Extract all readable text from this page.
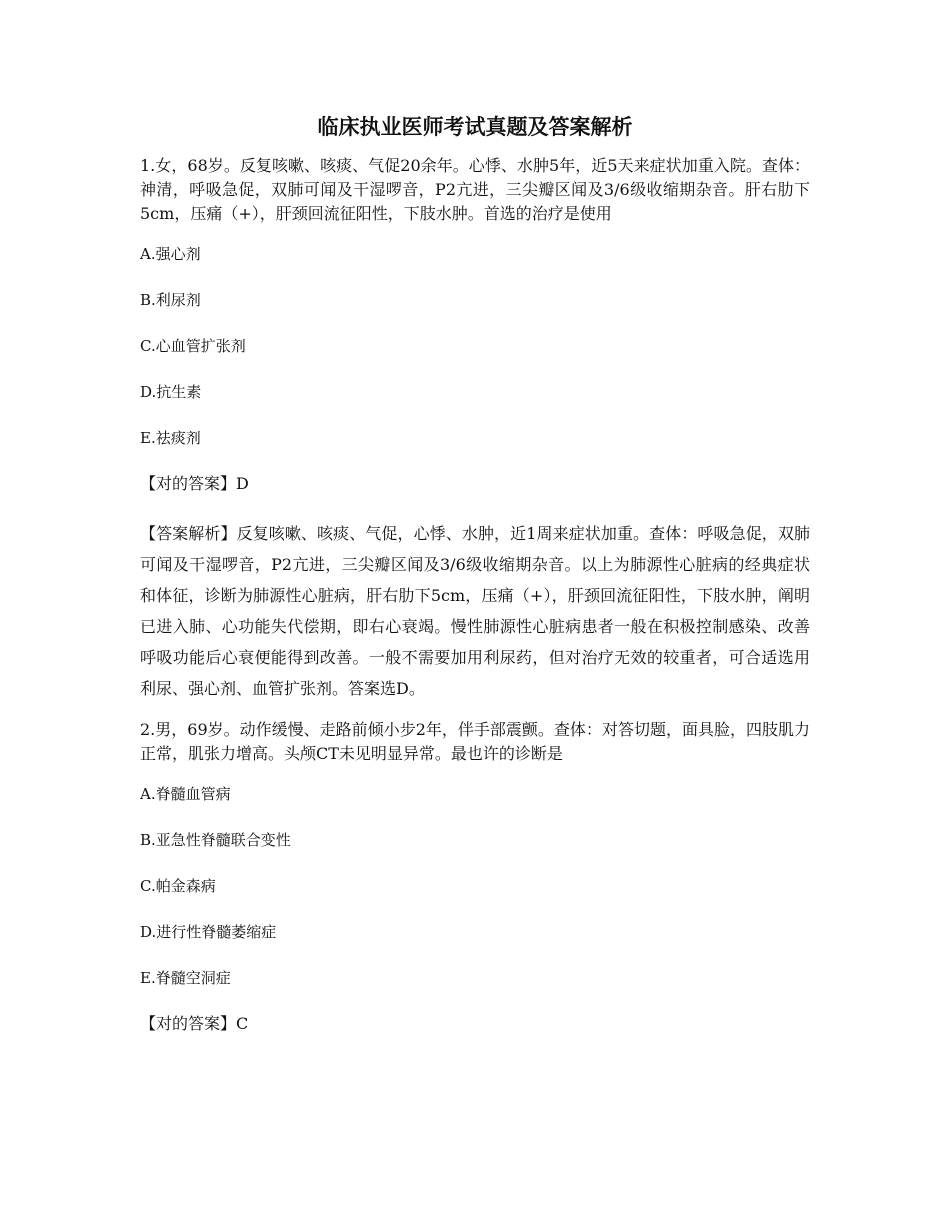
临床执业医师考试真题及答案解析

1.女，68岁。反复咳嗽、咳痰、气促20余年。心悸、水肿5年，近5天来症状加重入院。查体：神清，呼吸急促，双肺可闻及干湿啰音，P2亢进，三尖瓣区闻及3/6级收缩期杂音。肝右肋下5cm，压痛（+），肝颈回流征阳性，下肢水肿。首选的治疗是使用

A.强心剂

B.利尿剂

C.心血管扩张剂

D.抗生素

E.祛痰剂

【对的答案】D

【答案解析】反复咳嗽、咳痰、气促，心悸、水肿，近1周来症状加重。查体：呼吸急促，双肺可闻及干湿啰音，P2亢进，三尖瓣区闻及3/6级收缩期杂音。以上为肺源性心脏病的经典症状和体征，诊断为肺源性心脏病，肝右肋下5cm，压痛（+），肝颈回流征阳性，下肢水肿，阐明已进入肺、心功能失代偿期，即右心衰竭。慢性肺源性心脏病患者一般在积极控制感染、改善呼吸功能后心衰便能得到改善。一般不需要加用利尿药，但对治疗无效的较重者，可合适选用利尿、强心剂、血管扩张剂。答案选D。

2.男，69岁。动作缓慢、走路前倾小步2年，伴手部震颤。查体：对答切题，面具脸，四肢肌力正常，肌张力增高。头颅CT未见明显异常。最也许的诊断是

A.脊髓血管病

B.亚急性脊髓联合变性

C.帕金森病

D.进行性脊髓萎缩症

E.脊髓空洞症

【对的答案】C
